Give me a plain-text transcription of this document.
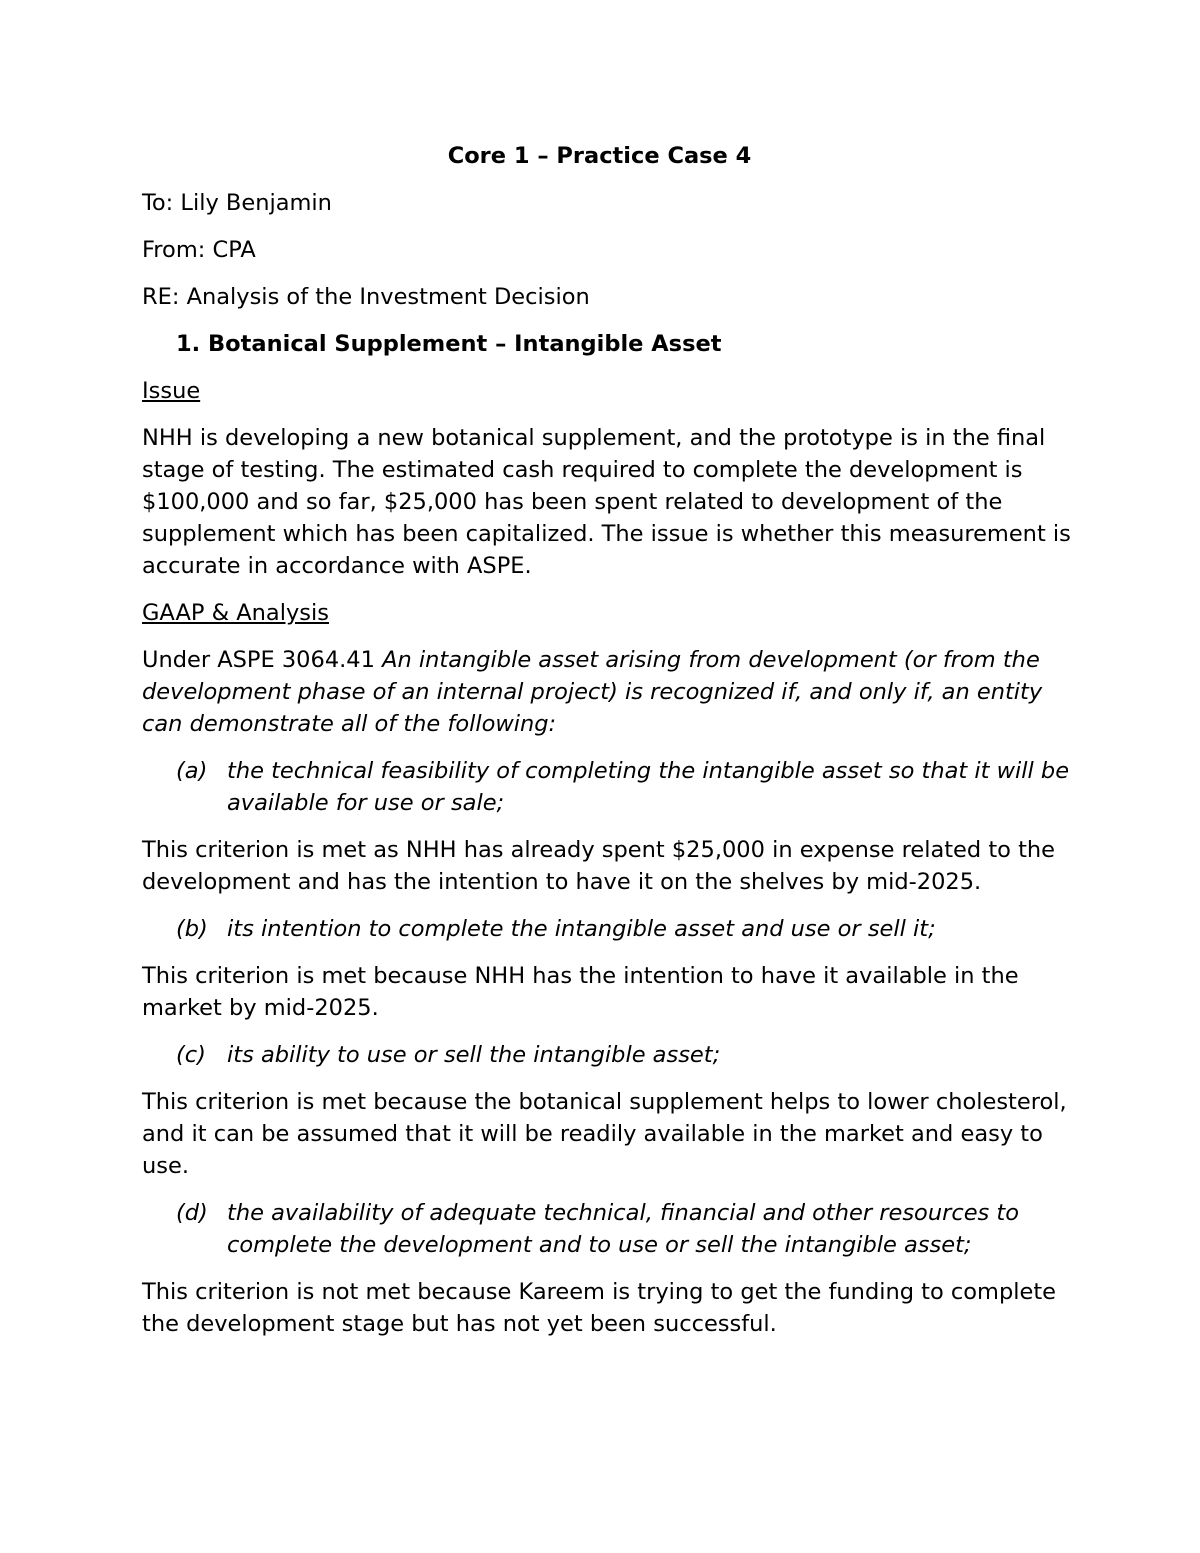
Core 1 – Practice Case 4
To: Lily Benjamin
From: CPA
RE: Analysis of the Investment Decision
1. Botanical Supplement – Intangible Asset
Issue
NHH is developing a new botanical supplement, and the prototype is in the final stage of testing. The estimated cash required to complete the development is $100,000 and so far, $25,000 has been spent related to development of the supplement which has been capitalized. The issue is whether this measurement is accurate in accordance with ASPE.
GAAP & Analysis
Under ASPE 3064.41 An intangible asset arising from development (or from the development phase of an internal project) is recognized if, and only if, an entity can demonstrate all of the following:
(a) the technical feasibility of completing the intangible asset so that it will be available for use or sale;
This criterion is met as NHH has already spent $25,000 in expense related to the development and has the intention to have it on the shelves by mid-2025.
(b) its intention to complete the intangible asset and use or sell it;
This criterion is met because NHH has the intention to have it available in the market by mid-2025.
(c) its ability to use or sell the intangible asset;
This criterion is met because the botanical supplement helps to lower cholesterol, and it can be assumed that it will be readily available in the market and easy to use.
(d) the availability of adequate technical, financial and other resources to complete the development and to use or sell the intangible asset;
This criterion is not met because Kareem is trying to get the funding to complete the development stage but has not yet been successful.
